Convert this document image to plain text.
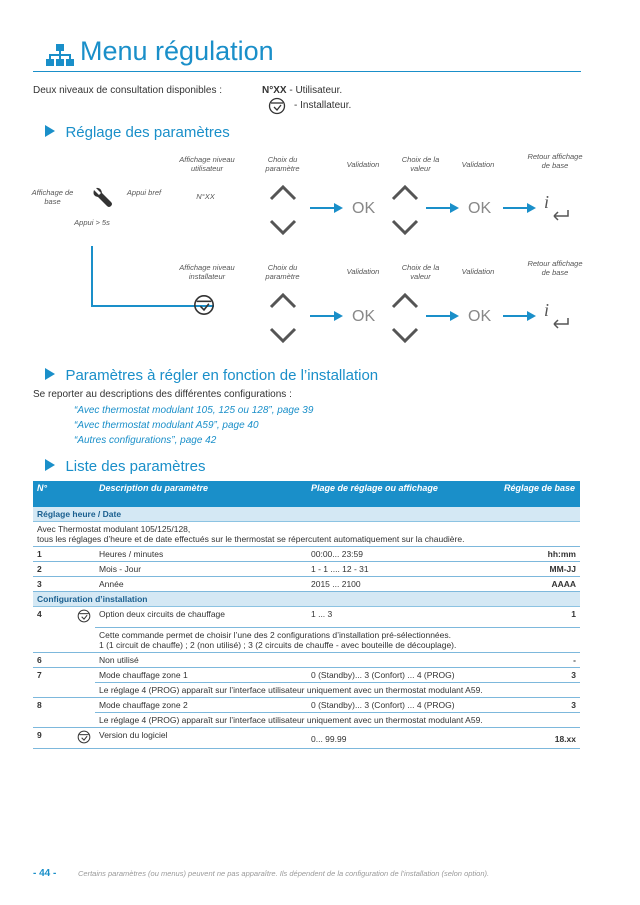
Menu régulation
Deux niveaux de consultation disponibles :	N°XX - Utilisateur.
- Installateur.
Réglage des paramètres
Affichage niveau utilisateur
Choix du paramètre	Validation
Choix de la valeur	Validation
Retour affichage de base
Affichage de base
Appui bref	N°XX
Appui > 5s
OK	OK	i
Affichage niveau installateur
Choix du paramètre
Validation	Choix de la valeur
Validation
Retour affichage de base
OK	OK	i
Paramètres à régler en fonction de l’installation
Se reporter au descriptions des différentes configurations :
“Avec thermostat modulant 105, 125 ou 128”, page 39
“Avec thermostat modulant A59”, page 40
“Autres configurations”, page 42
Liste des paramètres
N°		Description du paramètre	Plage de réglage ou affichage	Réglage de base
Réglage heure / Date				

Avec Thermostat modulant 105/125/128,
tous les réglages d’heure et de date effectués sur le thermostat se répercutent automatiquement sur la chaudière.				

1		Heures / minutes	00:00... 23:59	hh:mm
2		Mois - Jour	1 - 1 .... 12 - 31	MM-JJ
3		Année	2015 ... 2100	AAAA
Configuration d’installation				
4		Option deux circuits de chauffage	1 ... 3	1

		Cette commande permet de choisir l’une des 2 configurations d’installation pré-sélectionnées.
1 (1 circuit de chauffe) ; 2 (non utilisé) ; 3 (2 circuits de chauffe - avec bouteille de découplage).		

6		Non utilisé		-
7		Mode chauffage zone 1	0 (Standby)... 3 (Confort) ... 4 (PROG)	3
		Le réglage 4 (PROG) apparaît sur l’interface utilisateur uniquement avec un thermostat modulant A59.		
8		Mode chauffage zone 2	0 (Standby)... 3 (Confort) ... 4 (PROG)	3
		Le réglage 4 (PROG) apparaît sur l’interface utilisateur uniquement avec un thermostat modulant A59.		
9		Version du logiciel	0... 99.99	18.xx
- 44 -	Certains paramètres (ou menus) peuvent ne pas apparaître. Ils dépendent de la configuration de l’installation (selon option).
